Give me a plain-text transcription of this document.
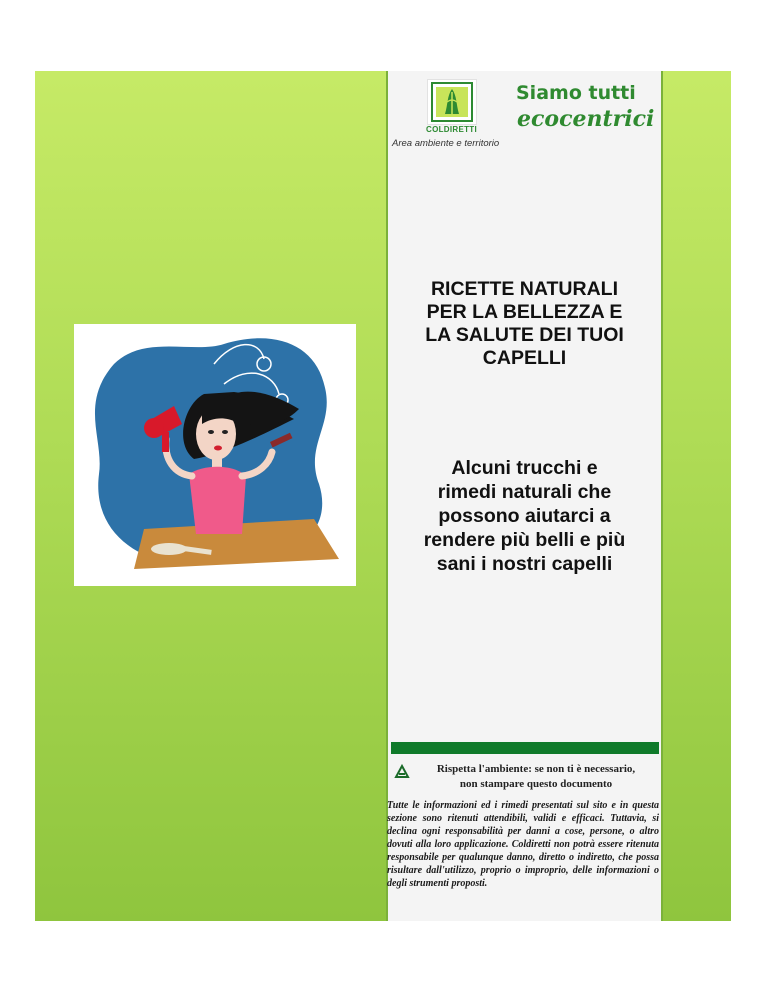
COLDIRETTI
Area ambiente e territorio
Siamo tutti
ecocentrici
RICETTE NATURALI
PER LA BELLEZZA E
LA SALUTE DEI TUOI
CAPELLI
Alcuni trucchi e
rimedi naturali che
possono aiutarci a
rendere più belli e più
sani i nostri capelli
Rispetta l'ambiente: se non ti è necessario,
non stampare questo documento
Tutte le informazioni ed i rimedi presentati sul sito e in questa sezione sono ritenuti attendibili, validi e efficaci. Tuttavia, si declina ogni responsabilità per danni a cose, persone, o altro dovuti alla loro applicazione. Coldiretti non potrà essere ritenuta responsabile per qualunque danno, diretto o indiretto, che possa risultare dall'utilizzo, proprio o improprio, delle informazioni o degli strumenti proposti.
